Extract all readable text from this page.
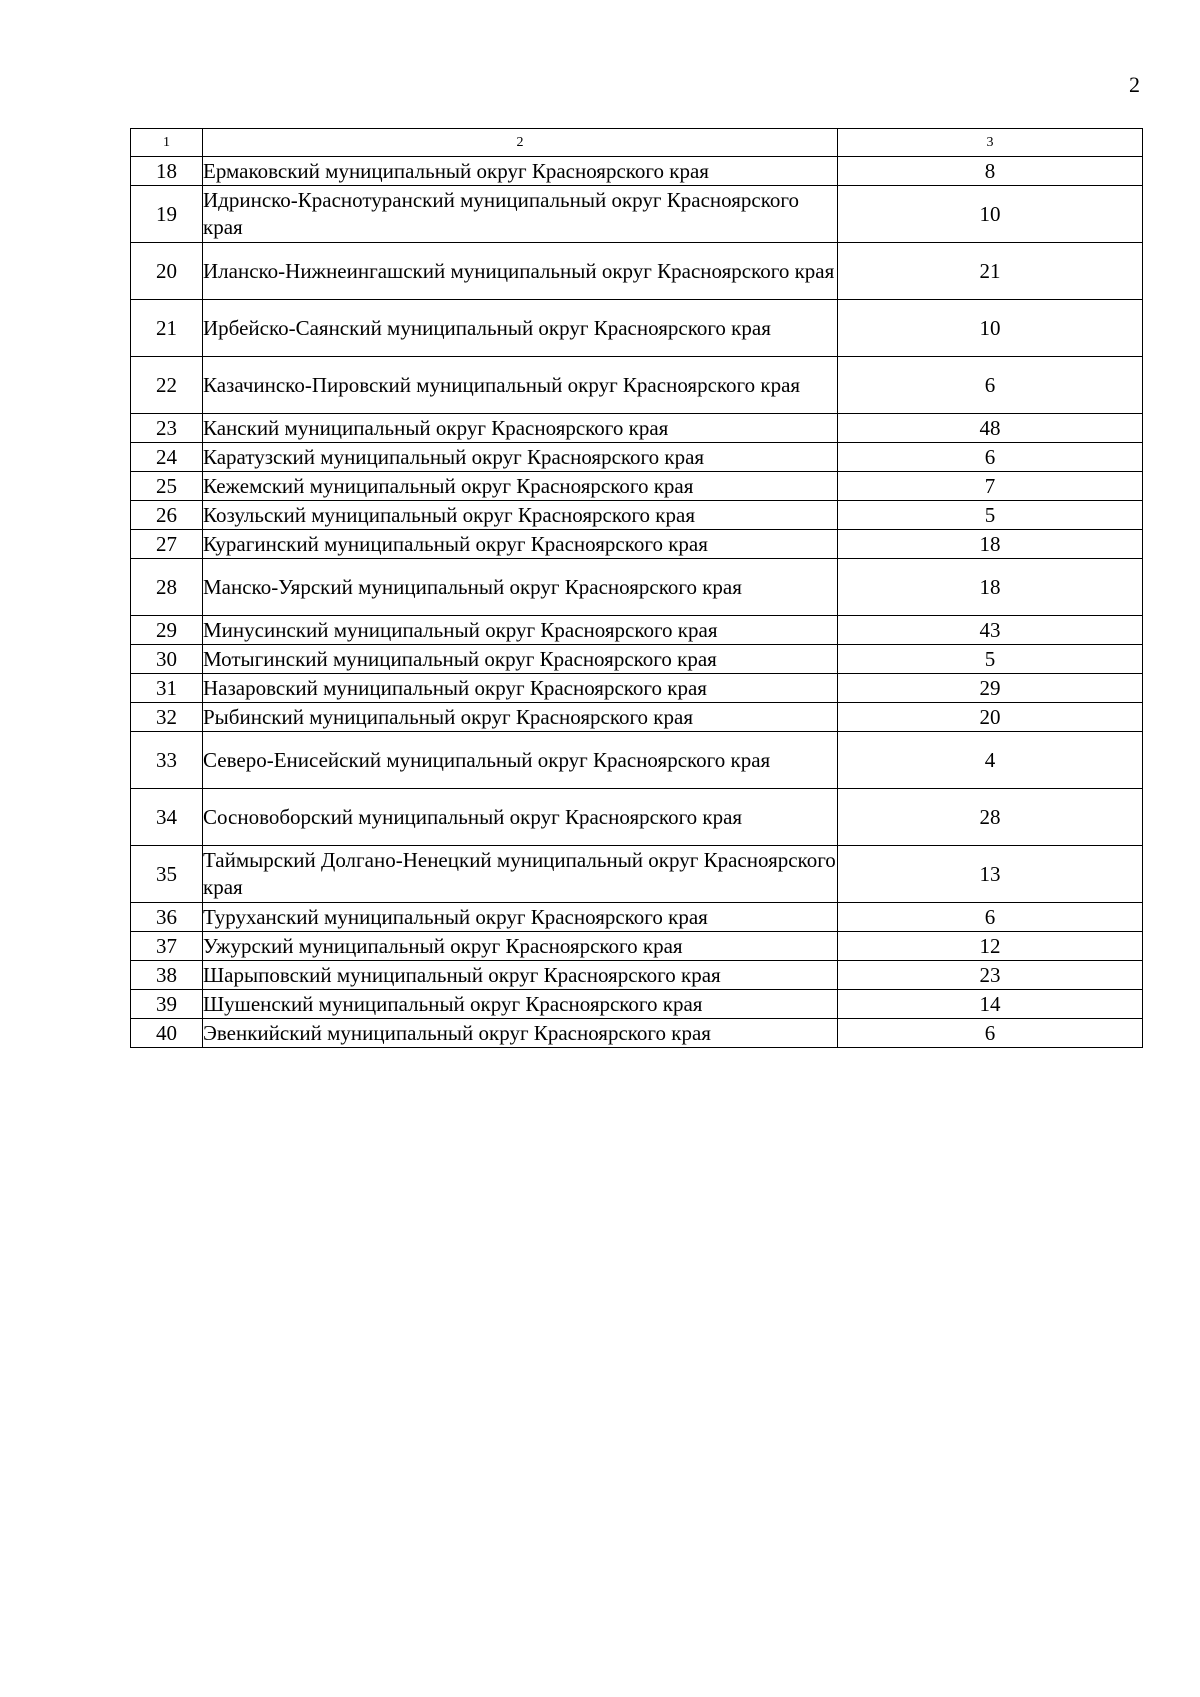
2
1	2	3
18	Ермаковский муниципальный округ Красноярского края	8
19	Идринско-Краснотуранский муниципальный округ Красноярского края	10
20	Иланско-Нижнеингашский муниципальный округ Красноярского края	21
21	Ирбейско-Саянский муниципальный округ Красноярского края	10
22	Казачинско-Пировский муниципальный округ Красноярского края	6
23	Канский муниципальный округ Красноярского края	48
24	Каратузский муниципальный округ Красноярского края	6
25	Кежемский муниципальный округ Красноярского края	7
26	Козульский муниципальный округ Красноярского края	5
27	Курагинский муниципальный округ Красноярского края	18
28	Манско-Уярский муниципальный округ Красноярского края	18
29	Минусинский муниципальный округ Красноярского края	43
30	Мотыгинский муниципальный округ Красноярского края	5
31	Назаровский муниципальный округ Красноярского края	29
32	Рыбинский муниципальный округ Красноярского края	20
33	Северо-Енисейский муниципальный округ Красноярского края	4
34	Сосновоборский муниципальный округ Красноярского края	28
35	Таймырский Долгано-Ненецкий муниципальный округ Красноярского края	13
36	Туруханский муниципальный округ Красноярского края	6
37	Ужурский муниципальный округ Красноярского края	12
38	Шарыповский муниципальный округ Красноярского края	23
39	Шушенский муниципальный округ Красноярского края	14
40	Эвенкийский муниципальный округ Красноярского края	6
